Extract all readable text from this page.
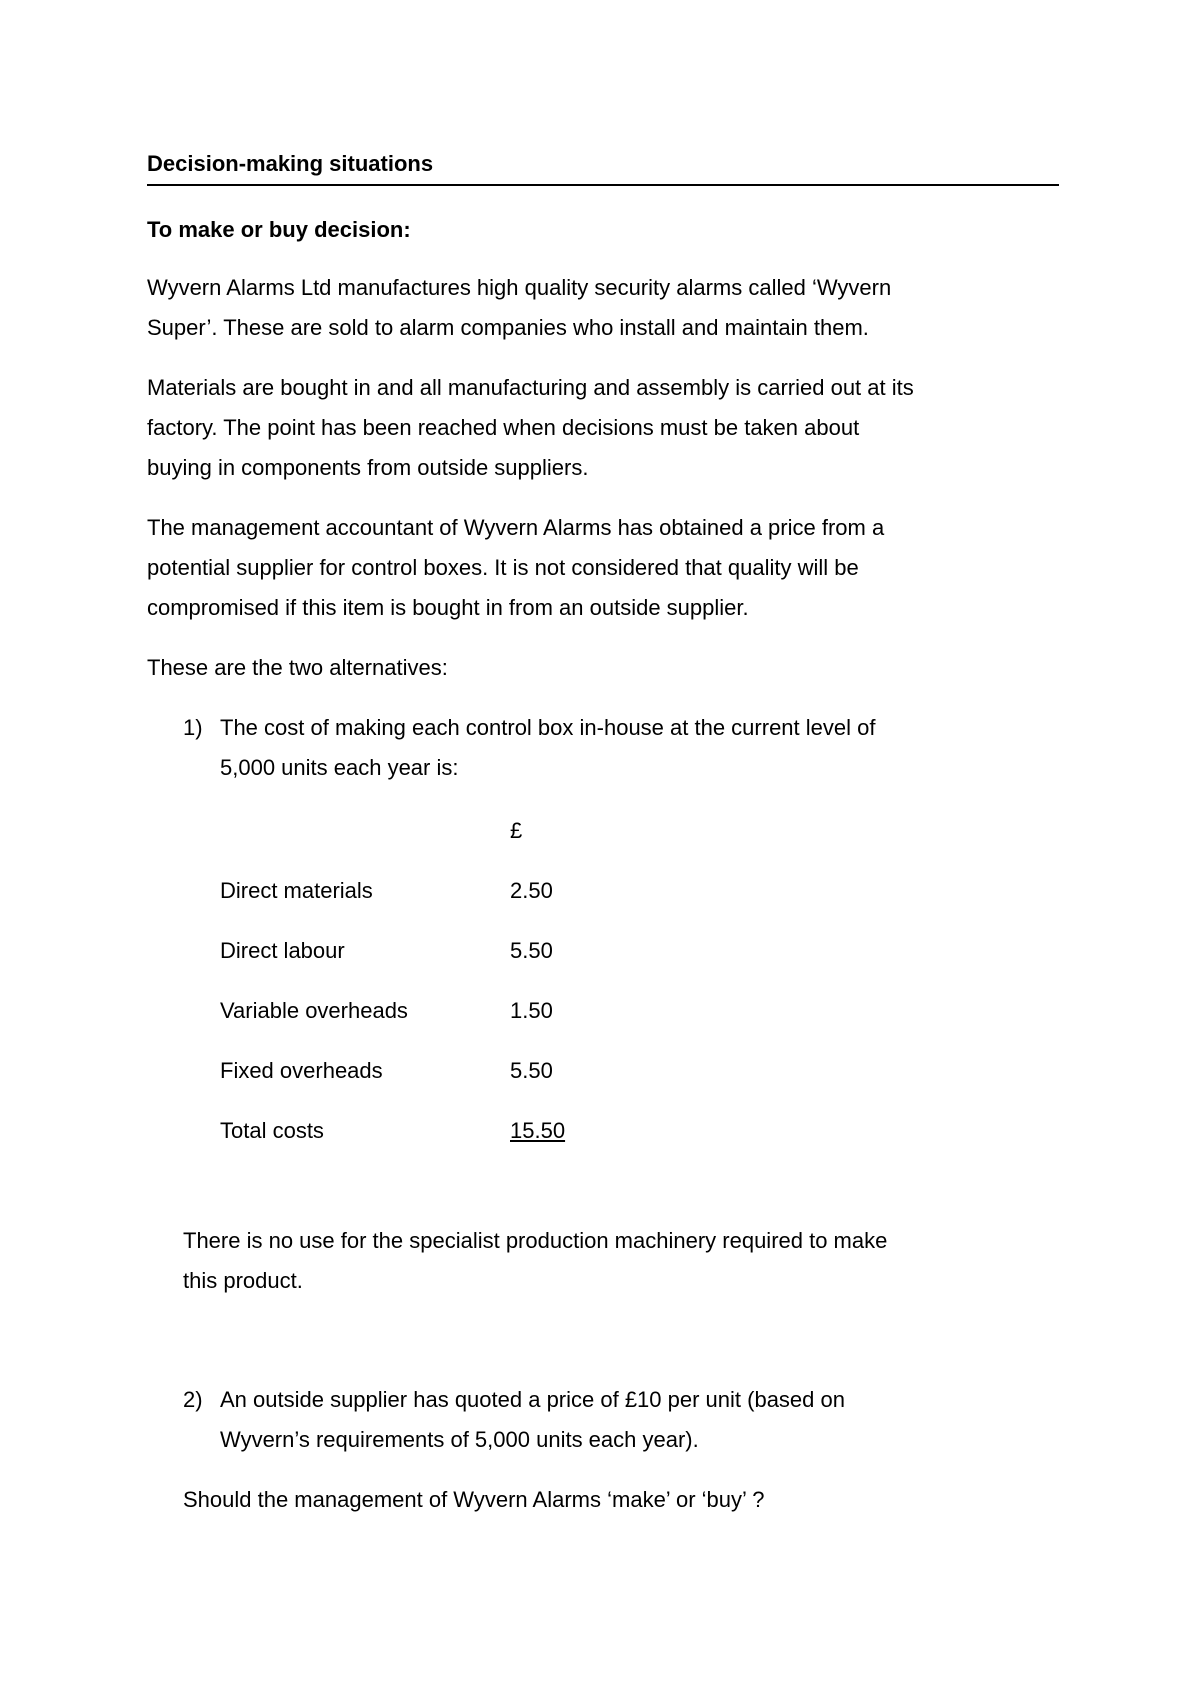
Decision-making situations

To make or buy decision:

Wyvern Alarms Ltd manufactures high quality security alarms called ‘Wyvern

Super’. These are sold to alarm companies who install and maintain them.

Materials are bought in and all manufacturing and assembly is carried out at its

factory. The point has been reached when decisions must be taken about

buying in components from outside suppliers.

The management accountant of Wyvern Alarms has obtained a price from a

potential supplier for control boxes. It is not considered that quality will be

compromised if this item is bought in from an outside supplier.

These are the two alternatives:

1) The cost of making each control box in-house at the current level of

5,000 units each year is:

£
Direct materials	2.50
Direct labour	5.50
Variable overheads	1.50
Fixed overheads	5.50
Total costs	15.50

There is no use for the specialist production machinery required to make

this product.

2) An outside supplier has quoted a price of £10 per unit (based on

Wyvern’s requirements of 5,000 units each year).

Should the management of Wyvern Alarms ‘make’ or ‘buy’ ?
